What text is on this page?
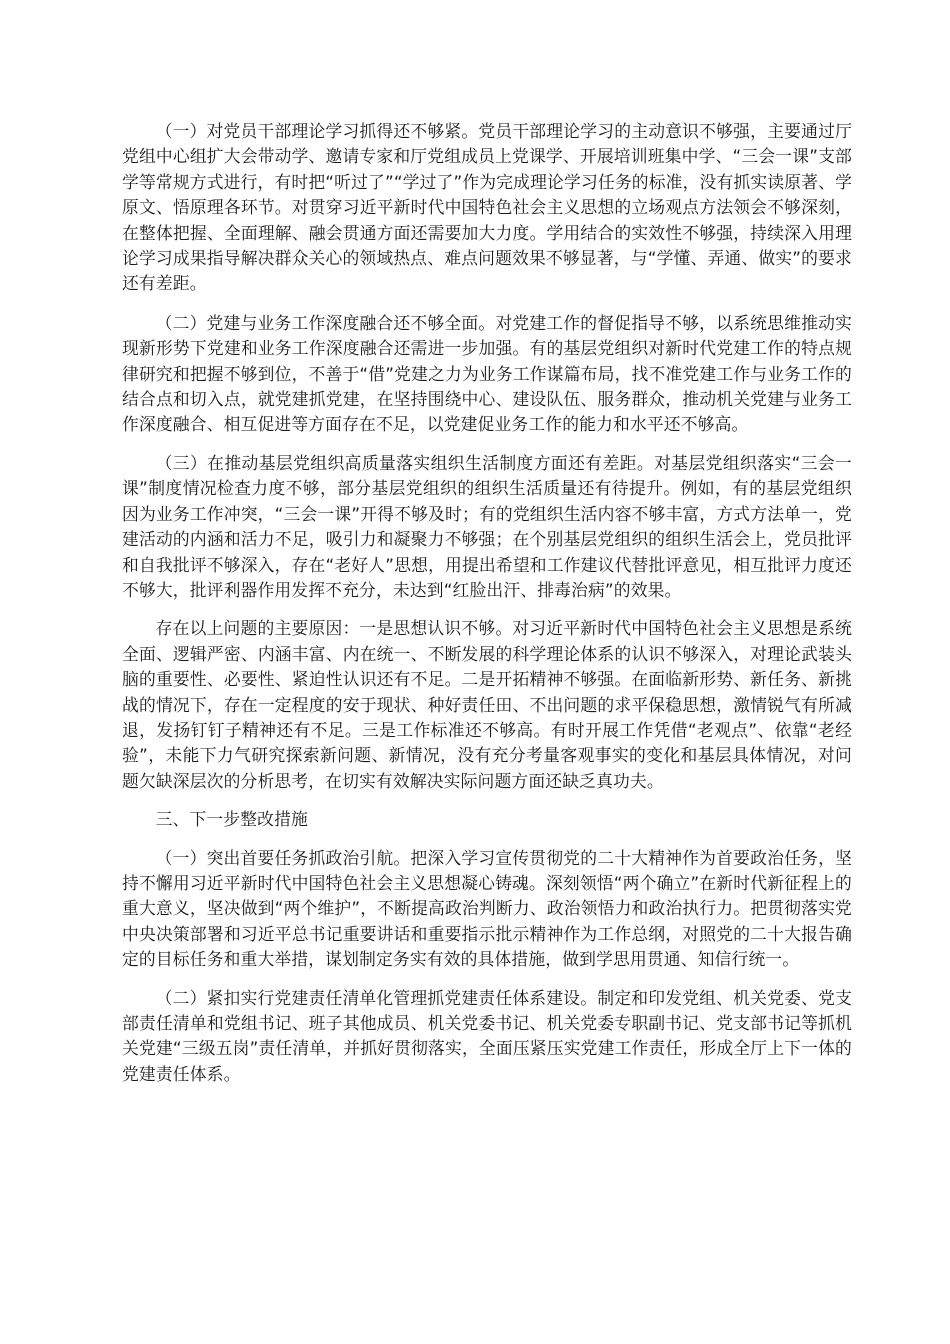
（一）对党员干部理论学习抓得还不够紧。党员干部理论学习的主动意识不够强，主要通过厅党组中心组扩大会带动学、邀请专家和厅党组成员上党课学、开展培训班集中学、“三会一课”支部学等常规方式进行，有时把“听过了”“学过了”作为完成理论学习任务的标准，没有抓实读原著、学原文、悟原理各环节。对贯穿习近平新时代中国特色社会主义思想的立场观点方法领会不够深刻，在整体把握、全面理解、融会贯通方面还需要加大力度。学用结合的实效性不够强，持续深入用理论学习成果指导解决群众关心的领域热点、难点问题效果不够显著，与“学懂、弄通、做实”的要求还有差距。

（二）党建与业务工作深度融合还不够全面。对党建工作的督促指导不够，以系统思维推动实现新形势下党建和业务工作深度融合还需进一步加强。有的基层党组织对新时代党建工作的特点规律研究和把握不够到位，不善于“借”党建之力为业务工作谋篇布局，找不准党建工作与业务工作的结合点和切入点，就党建抓党建，在坚持围绕中心、建设队伍、服务群众，推动机关党建与业务工作深度融合、相互促进等方面存在不足，以党建促业务工作的能力和水平还不够高。

（三）在推动基层党组织高质量落实组织生活制度方面还有差距。对基层党组织落实“三会一课”制度情况检查力度不够，部分基层党组织的组织生活质量还有待提升。例如，有的基层党组织因为业务工作冲突，“三会一课”开得不够及时；有的党组织生活内容不够丰富，方式方法单一，党建活动的内涵和活力不足，吸引力和凝聚力不够强；在个别基层党组织的组织生活会上，党员批评和自我批评不够深入，存在“老好人”思想，用提出希望和工作建议代替批评意见，相互批评力度还不够大，批评利器作用发挥不充分，未达到“红脸出汗、排毒治病”的效果。

存在以上问题的主要原因：一是思想认识不够。对习近平新时代中国特色社会主义思想是系统全面、逻辑严密、内涵丰富、内在统一、不断发展的科学理论体系的认识不够深入，对理论武装头脑的重要性、必要性、紧迫性认识还有不足。二是开拓精神不够强。在面临新形势、新任务、新挑战的情况下，存在一定程度的安于现状、种好责任田、不出问题的求平保稳思想，激情锐气有所减退，发扬钉钉子精神还有不足。三是工作标准还不够高。有时开展工作凭借“老观点”、依靠“老经验”，未能下力气研究探索新问题、新情况，没有充分考量客观事实的变化和基层具体情况，对问题欠缺深层次的分析思考，在切实有效解决实际问题方面还缺乏真功夫。

三、下一步整改措施

（一）突出首要任务抓政治引航。把深入学习宣传贯彻党的二十大精神作为首要政治任务，坚持不懈用习近平新时代中国特色社会主义思想凝心铸魂。深刻领悟“两个确立”在新时代新征程上的重大意义，坚决做到“两个维护”，不断提高政治判断力、政治领悟力和政治执行力。把贯彻落实党中央决策部署和习近平总书记重要讲话和重要指示批示精神作为工作总纲，对照党的二十大报告确定的目标任务和重大举措，谋划制定务实有效的具体措施，做到学思用贯通、知信行统一。

（二）紧扣实行党建责任清单化管理抓党建责任体系建设。制定和印发党组、机关党委、党支部责任清单和党组书记、班子其他成员、机关党委书记、机关党委专职副书记、党支部书记等抓机关党建“三级五岗”责任清单，并抓好贯彻落实，全面压紧压实党建工作责任，形成全厅上下一体的党建责任体系。
